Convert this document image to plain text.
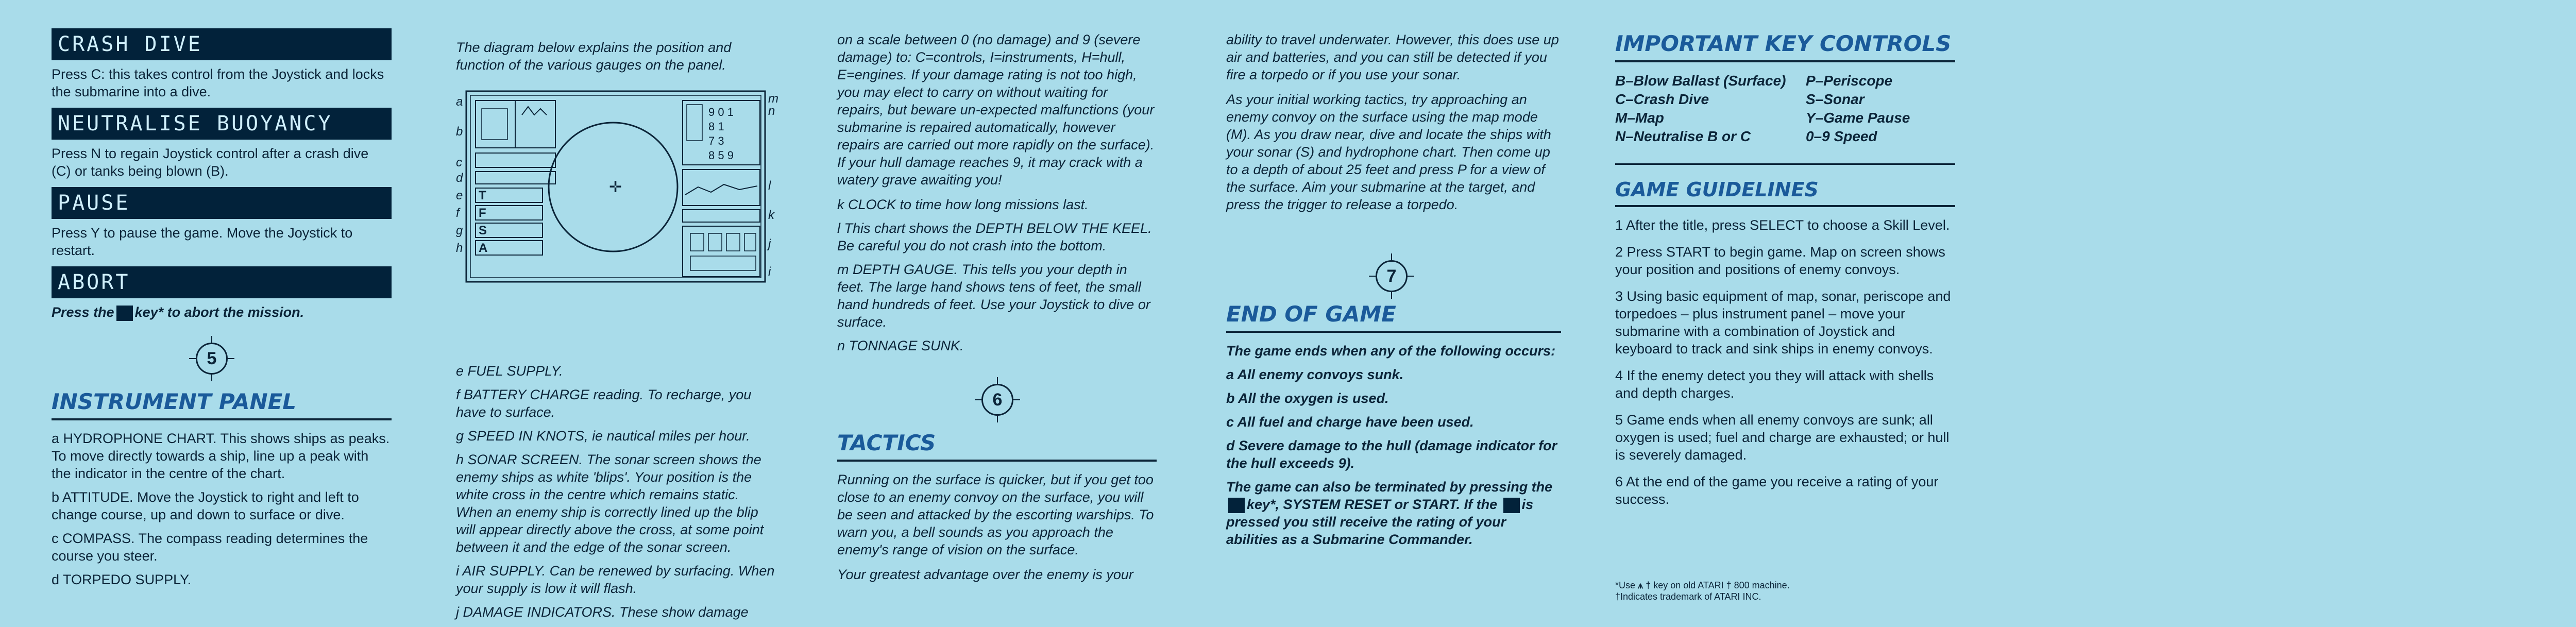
CRASH DIVE

Press C: this takes control from the Joystick and locks the submarine into a dive.

NEUTRALISE BUOYANCY

Press N to regain Joystick control after a crash dive (C) or tanks being blown (B).

PAUSE

Press Y to pause the game. Move the Joystick to restart.

ABORT

Press the key* to abort the mission.

5
INSTRUMENT PANEL

a HYDROPHONE CHART. This shows ships as peaks. To move directly towards a ship, line up a peak with the indicator in the centre of the chart.

b ATTITUDE. Move the Joystick to right and left to change course, up and down to surface or dive.

c COMPASS. The compass reading determines the course you steer.

d TORPEDO SUPPLY.

The diagram below explains the position and function of the various gauges on the panel.

T
F
S
A
✛
9 0 1
8 1
7 3
8 5 9
a
b
c
d
e
f
g
h
m
n
l
k
j
i

e FUEL SUPPLY.

f BATTERY CHARGE reading. To recharge, you have to surface.

g SPEED IN KNOTS, ie nautical miles per hour.

h SONAR SCREEN. The sonar screen shows the enemy ships as white 'blips'. Your position is the white cross in the centre which remains static. When an enemy ship is correctly lined up the blip will appear directly above the cross, at some point between it and the edge of the sonar screen.

i AIR SUPPLY. Can be renewed by surfacing. When your supply is low it will flash.

j DAMAGE INDICATORS. These show damage

on a scale between 0 (no damage) and 9 (severe damage) to: C=controls, I=instruments, H=hull, E=engines. If your damage rating is not too high, you may elect to carry on without waiting for repairs, but beware un-expected malfunctions (your submarine is repaired automatically, however repairs are carried out more rapidly on the surface). If your hull damage reaches 9, it may crack with a watery grave awaiting you!

k CLOCK to time how long missions last.

l This chart shows the DEPTH BELOW THE KEEL. Be careful you do not crash into the bottom.

m DEPTH GAUGE. This tells you your depth in feet. The large hand shows tens of feet, the small hand hundreds of feet. Use your Joystick to dive or surface.

n TONNAGE SUNK.

6
TACTICS

Running on the surface is quicker, but if you get too close to an enemy convoy on the surface, you will be seen and attacked by the escorting warships. To warn you, a bell sounds as you approach the enemy's range of vision on the surface.

Your greatest advantage over the enemy is your

ability to travel underwater. However, this does use up air and batteries, and you can still be detected if you fire a torpedo or if you use your sonar.

As your initial working tactics, try approaching an enemy convoy on the surface using the map mode (M). As you draw near, dive and locate the ships with your sonar (S) and hydrophone chart. Then come up to a depth of about 25 feet and press P for a view of the surface. Aim your submarine at the target, and press the trigger to release a torpedo.

7
END OF GAME

The game ends when any of the following occurs:

a All enemy convoys sunk.

b All the oxygen is used.

c All fuel and charge have been used.

d Severe damage to the hull (damage indicator for the hull exceeds 9).

The game can also be terminated by pressing the key*, SYSTEM RESET or START. If the is pressed you still receive the rating of your abilities as a Submarine Commander.

IMPORTANT KEY CONTROLS
B–Blow Ballast (Surface)	P–Periscope
C–Crash Dive	S–Sonar
M–Map	Y–Game Pause
N–Neutralise B or C	0–9 Speed
GAME GUIDELINES

1 After the title, press SELECT to choose a Skill Level.

2 Press START to begin game. Map on screen shows your position and positions of enemy convoys.

3 Using basic equipment of map, sonar, periscope and torpedoes – plus instrument panel – move your submarine with a combination of Joystick and keyboard to track and sink ships in enemy convoys.

4 If the enemy detect you they will attack with shells and depth charges.

5 Game ends when all enemy convoys are sunk; all oxygen is used; fuel and charge are exhausted; or hull is severely damaged.

6 At the end of the game you receive a rating of your success.

*Use ⩚ † key on old ATARI † 800 machine.
†Indicates trademark of ATARI INC.
